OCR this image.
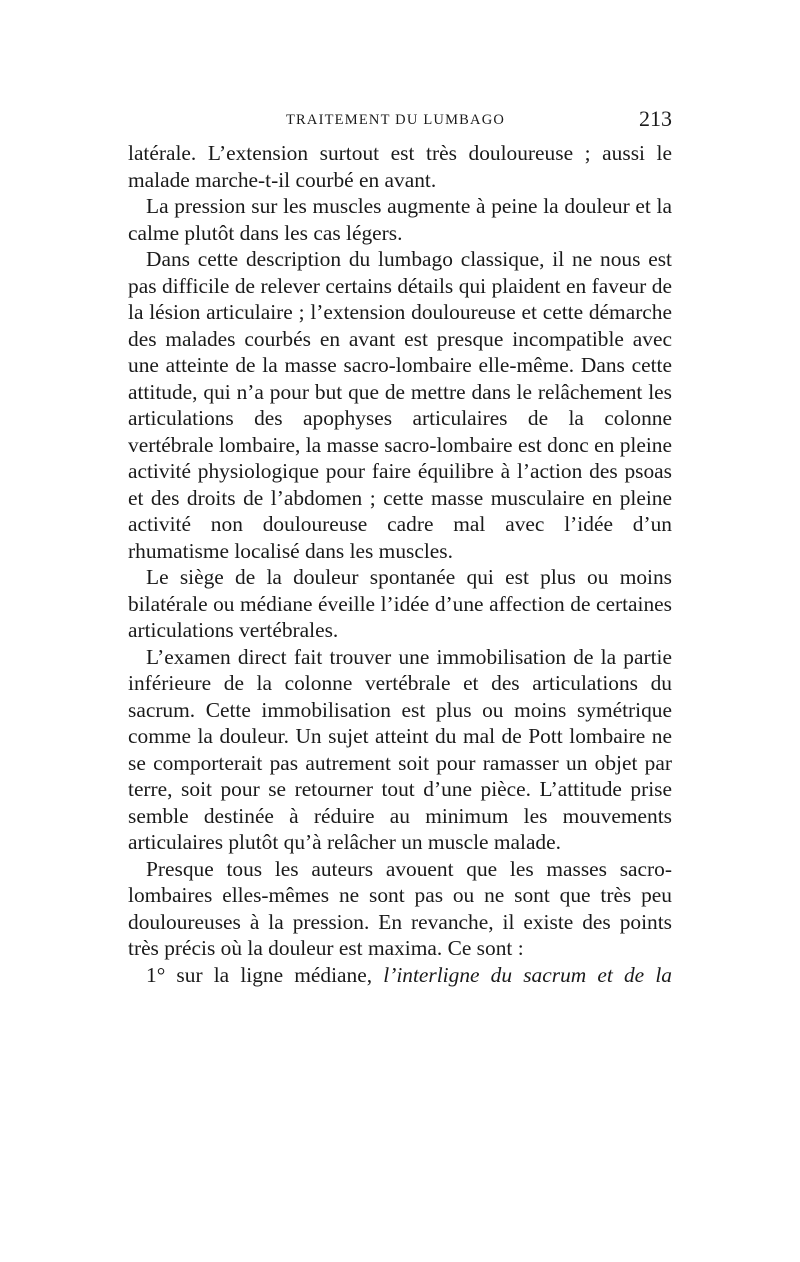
TRAITEMENT DU LUMBAGO	213

latérale. L’extension surtout est très douloureuse ; aussi le malade marche-t-il courbé en avant.

La pression sur les muscles augmente à peine la douleur et la calme plutôt dans les cas légers.

Dans cette description du lumbago classique, il ne nous est pas difficile de relever certains détails qui plaident en faveur de la lésion articulaire ; l’extension douloureuse et cette démarche des malades courbés en avant est presque incompatible avec une atteinte de la masse sacro-lombaire elle-même. Dans cette attitude, qui n’a pour but que de mettre dans le relâchement les articulations des apophyses articulaires de la colonne vertébrale lombaire, la masse sacro-lombaire est donc en pleine activité physiologique pour faire équilibre à l’action des psoas et des droits de l’abdomen ; cette masse musculaire en pleine activité non douloureuse cadre mal avec l’idée d’un rhumatisme localisé dans les muscles.

Le siège de la douleur spontanée qui est plus ou moins bilatérale ou médiane éveille l’idée d’une affection de certaines articulations vertébrales.

L’examen direct fait trouver une immobilisation de la partie inférieure de la colonne vertébrale et des articulations du sacrum. Cette immobilisation est plus ou moins symétrique comme la douleur. Un sujet atteint du mal de Pott lombaire ne se comporterait pas autrement soit pour ramasser un objet par terre, soit pour se retourner tout d’une pièce. L’attitude prise semble destinée à réduire au minimum les mouvements articulaires plutôt qu’à relâcher un muscle malade.

Presque tous les auteurs avouent que les masses sacro-lombaires elles-mêmes ne sont pas ou ne sont que très peu douloureuses à la pression. En revanche, il existe des points très précis où la douleur est maxima. Ce sont :

1° sur la ligne médiane, l’interligne du sacrum et de la
